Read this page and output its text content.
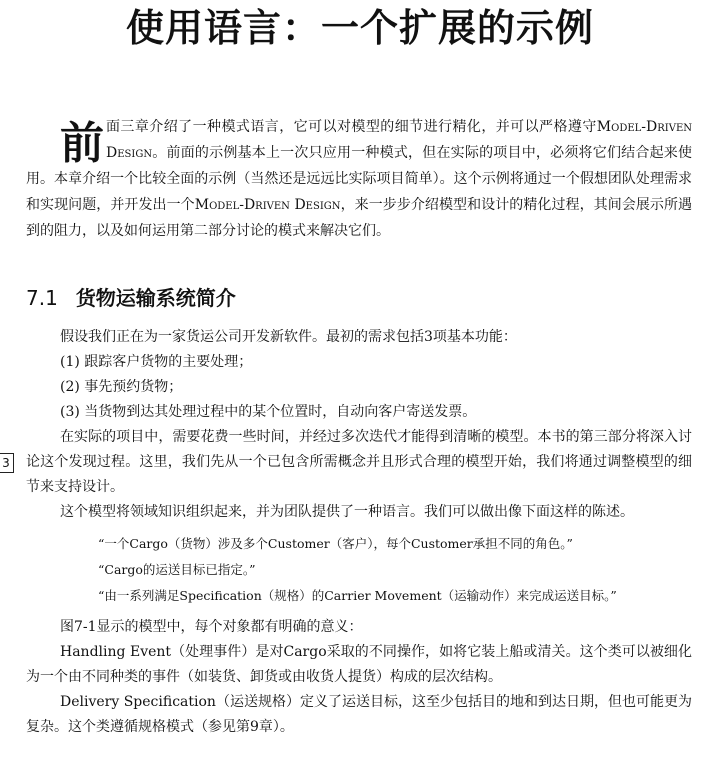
使用语言：一个扩展的示例

前面三章介绍了一种模式语言，它可以对模型的细节进行精化，并可以严格遵守Model-Driven Design。前面的示例基本上一次只应用一种模式，但在实际的项目中，必须将它们结合起来使用。本章介绍一个比较全面的示例（当然还是远远比实际项目简单）。这个示例将通过一个假想团队处理需求和实现问题，并开发出一个Model-Driven Design，来一步步介绍模型和设计的精化过程，其间会展示所遇到的阻力，以及如何运用第二部分讨论的模式来解决它们。

7.1 货物运输系统简介
3

假设我们正在为一家货运公司开发新软件。最初的需求包括3项基本功能：

(1) 跟踪客户货物的主要处理；

(2) 事先预约货物；

(3) 当货物到达其处理过程中的某个位置时，自动向客户寄送发票。

在实际的项目中，需要花费一些时间，并经过多次迭代才能得到清晰的模型。本书的第三部分将深入讨论这个发现过程。这里，我们先从一个已包含所需概念并且形式合理的模型开始，我们将通过调整模型的细节来支持设计。

这个模型将领域知识组织起来，并为团队提供了一种语言。我们可以做出像下面这样的陈述。

“一个Cargo（货物）涉及多个Customer（客户），每个Customer承担不同的角色。”

“Cargo的运送目标已指定。”

“由一系列满足Specification（规格）的Carrier Movement（运输动作）来完成运送目标。”

图7-1显示的模型中，每个对象都有明确的意义：

Handling Event（处理事件）是对Cargo采取的不同操作，如将它装上船或清关。这个类可以被细化为一个由不同种类的事件（如装货、卸货或由收货人提货）构成的层次结构。

Delivery Specification（运送规格）定义了运送目标，这至少包括目的地和到达日期，但也可能更为复杂。这个类遵循规格模式（参见第9章）。
